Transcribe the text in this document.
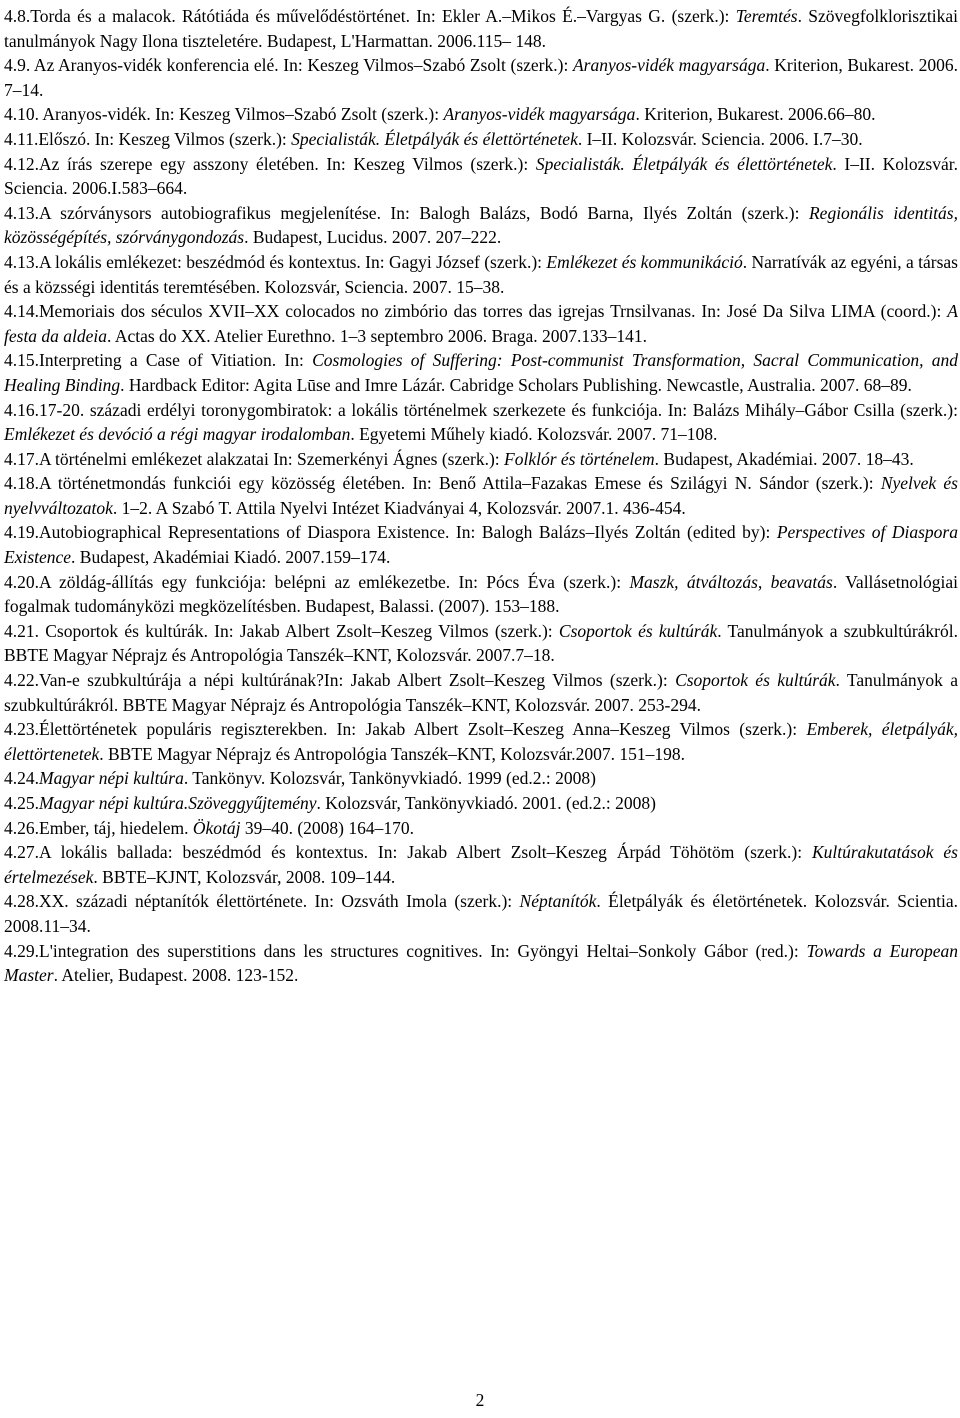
4.8.Torda és a malacok. Rátótiáda és művelődéstörténet. In: Ekler A.–Mikos É.–Vargyas G. (szerk.): Teremtés. Szövegfolklorisztikai tanulmányok Nagy Ilona tiszteletére. Budapest, L'Harmattan. 2006.115– 148.

4.9. Az Aranyos-vidék konferencia elé. In: Keszeg Vilmos–Szabó Zsolt (szerk.): Aranyos-vidék magyarsága. Kriterion, Bukarest. 2006. 7–14.

4.10. Aranyos-vidék. In: Keszeg Vilmos–Szabó Zsolt (szerk.): Aranyos-vidék magyarsága. Kriterion, Bukarest. 2006.66–80.

4.11.Előszó. In: Keszeg Vilmos (szerk.): Specialisták. Életpályák és élettörténetek. I–II. Kolozsvár. Sciencia. 2006. I.7–30.

4.12.Az írás szerepe egy asszony életében. In: Keszeg Vilmos (szerk.): Specialisták. Életpályák és élettörténetek. I–II. Kolozsvár. Sciencia. 2006.I.583–664.

4.13.A szórványsors autobiografikus megjelenítése. In: Balogh Balázs, Bodó Barna, Ilyés Zoltán (szerk.): Regionális identitás, közösségépítés, szórványgondozás. Budapest, Lucidus. 2007. 207–222.

4.13.A lokális emlékezet: beszédmód és kontextus. In: Gagyi József (szerk.): Emlékezet és kommunikáció. Narratívák az egyéni, a társas és a közsségi identitás teremtésében. Kolozsvár, Sciencia. 2007. 15–38.

4.14.Memoriais dos séculos XVII–XX colocados no zimbório das torres das igrejas Trnsilvanas. In: José Da Silva LIMA (coord.): A festa da aldeia. Actas do XX. Atelier Eurethno. 1–3 septembro 2006. Braga. 2007.133–141.

4.15.Interpreting a Case of Vitiation. In: Cosmologies of Suffering: Post-communist Transformation, Sacral Communication, and Healing Binding. Hardback Editor: Agita Lūse and Imre Lázár. Cabridge Scholars Publishing. Newcastle, Australia. 2007. 68–89.

4.16.17-20. századi erdélyi toronygombiratok: a lokális történelmek szerkezete és funkciója. In: Balázs Mihály–Gábor Csilla (szerk.): Emlékezet és devóció a régi magyar irodalomban. Egyetemi Műhely kiadó. Kolozsvár. 2007. 71–108.

4.17.A történelmi emlékezet alakzatai In: Szemerkényi Ágnes (szerk.): Folklór és történelem. Budapest, Akadémiai. 2007. 18–43.

4.18.A történetmondás funkciói egy közösség életében. In: Benő Attila–Fazakas Emese és Szilágyi N. Sándor (szerk.): Nyelvek és nyelvváltozatok. 1–2. A Szabó T. Attila Nyelvi Intézet Kiadványai 4, Kolozsvár. 2007.1. 436-454.

4.19.Autobiographical Representations of Diaspora Existence. In: Balogh Balázs–Ilyés Zoltán (edited by): Perspectives of Diaspora Existence. Budapest, Akadémiai Kiadó. 2007.159–174.

4.20.A zöldág-állítás egy funkciója: belépni az emlékezetbe. In: Pócs Éva (szerk.): Maszk, átváltozás, beavatás. Vallásetnológiai fogalmak tudományközi megközelítésben. Budapest, Balassi. (2007). 153–188.

4.21. Csoportok és kultúrák. In: Jakab Albert Zsolt–Keszeg Vilmos (szerk.): Csoportok és kultúrák. Tanulmányok a szubkultúrákról. BBTE Magyar Néprajz és Antropológia Tanszék–KNT, Kolozsvár. 2007.7–18.

4.22.Van-e szubkultúrája a népi kultúrának?In: Jakab Albert Zsolt–Keszeg Vilmos (szerk.): Csoportok és kultúrák. Tanulmányok a szubkultúrákról. BBTE Magyar Néprajz és Antropológia Tanszék–KNT, Kolozsvár. 2007. 253-294.

4.23.Élettörténetek populáris regiszterekben. In: Jakab Albert Zsolt–Keszeg Anna–Keszeg Vilmos (szerk.): Emberek, életpályák, élettörtenetek. BBTE Magyar Néprajz és Antropológia Tanszék–KNT, Kolozsvár.2007. 151–198.

4.24.Magyar népi kultúra. Tankönyv. Kolozsvár, Tankönyvkiadó. 1999 (ed.2.: 2008)

4.25.Magyar népi kultúra.Szöveggyűjtemény. Kolozsvár, Tankönyvkiadó. 2001. (ed.2.: 2008)

4.26.Ember, táj, hiedelem. Ökotáj 39–40. (2008) 164–170.

4.27.A lokális ballada: beszédmód és kontextus. In: Jakab Albert Zsolt–Keszeg Árpád Töhötöm (szerk.): Kultúrakutatások és értelmezések. BBTE–KJNT, Kolozsvár, 2008. 109–144.

4.28.XX. századi néptanítók élettörténete. In: Ozsváth Imola (szerk.): Néptanítók. Életpályák és életörténetek. Kolozsvár. Scientia. 2008.11–34.

4.29.L'integration des superstitions dans les structures cognitives. In: Gyöngyi Heltai–Sonkoly Gábor (red.): Towards a European Master. Atelier, Budapest. 2008. 123-152.

2
